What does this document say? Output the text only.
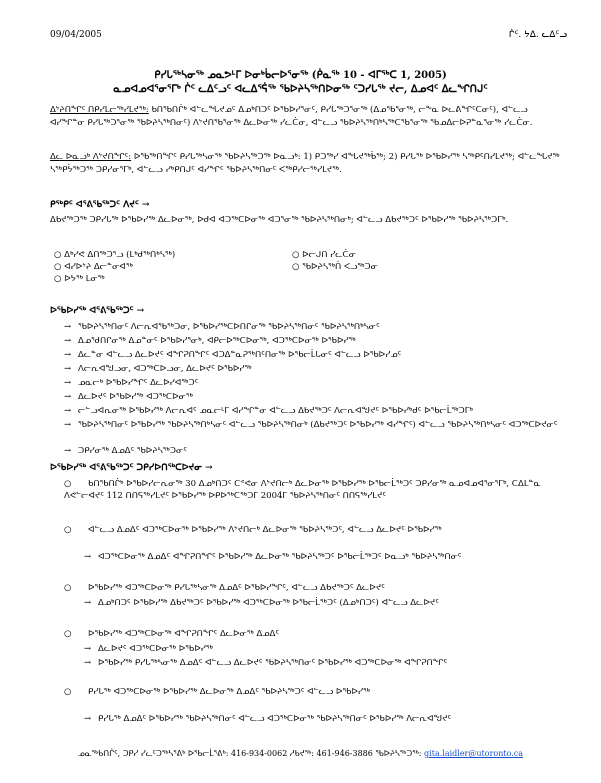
09/04/2005	ᒌᑦ. ᔭᐃ. ᓚᐃᑦᓗ
ᑭᓯᒐᖅᓴᓂᖅ ᓄᓇᕗᒻᒥ ᐅᓂᒃᑳᓕᐅᕐᓂᖅ (ᑮᓇᖅ 10 - ᐊᒥᖅᑕ 1, 2005)
ᓇᓄᐊᓄᐊᕐᓂᕐᒥᒃ ᒌᑦ ᓚᐃᑦᓗᑦ ᐊᓚᐃᕐᕌᖅ ᖃᐅᔨᓴᖅᑎᐅᓂᖅ ᑦᑐᓯᒐᖅ ᔪᓕ, ᐃᓄᐊᑦ ᐃᓚᖏᑎᒍᑦ
ᐃᔾᔨᑎᖏᑦ ᑎᑭᓯᒪᓕᖅᓯᒪᔪᖅ: ᑲᑎᖃᑎᒌᒃ ᐊᓪᓚᖓᔪᓄᑦ ᐃᓄᒃᑎᑐᑦ ᐅᖃᐅᓯᕐᓂᑦ, ᑭᓯᒐᖅᑐᕐᓂᖅ (ᐃᓄᖃᕐᓂᖅ, ᓕᖕᓇ ᐅᓚᕕᖏᑦᑕᓂᑦ), ᐊᓪᓚᓗ ᐊᓯᖏᓐᓂ ᑭᓯᒐᖅᑐᕐᓂᖅ ᖃᐅᔨᓴᖅᑎᓂᑦ) ᐱᔾᔪᑎᖃᕐᓂᖅ ᐃᓚᐅᓂᖅ ᓯᓚᑖᓂ, ᐊᓪᓚᓗ ᖃᐅᔨᓴᖅᑎᒃᓴᖅᑕᖃᕐᓂᖅ ᖃᓄᐃᓕᐅᕈᓐᓇᕐᓂᖅ ᓯᓚᑖᓂ.
ᐃᓚ ᐅᓇᓗᒃ ᐱᔾᔪᑎᖏᑦ: ᐅᖃᖅᑎᖏᑦ ᑭᓯᒐᖅᓴᓂᖅ ᖃᐅᔨᓴᖅᑐᖅ ᐅᓇᓗᒃ: 1) ᑭᑐᖅᓯ ᐊᖓᔪᖅᑳᖅ; 2) ᑭᓯᒐᖅ ᐅᖃᐅᓯᖅ ᓴᖅᑭᑦᑎᓯᒪᔪᖅ; ᐊᓪᓚᖓᔪᖅ ᓴᖅᑭᔮᖅᑐᖅ ᑐᑭᓯᓂᕐᒥᒃ, ᐊᓪᓚᓗ ᓯᒃᑭᑎᒍᑦ ᐊᓯᖏᑦ ᖃᐅᔨᓴᖅᑎᓂᑦ ᐸᖅᑭᓯᓕᖅᓯᒪᔪᖅ.
ᑭᖅᑭᑦ ᐊᕐᕕᖃᖅᑐᑦ ᐱᔪᑦ →
ᐃᑲᔪᖅᑐᖅ ᑐᑭᓯᒐᖅ ᐅᖃᐅᓯᖅ ᐃᓚᐅᓂᖅ, ᐅᑯᐊ ᐊᑐᖅᑕᐅᓂᖅ ᐊᑐᕐᓂᖅ ᖃᐅᔨᓴᖅᑎᓂᒃ; ᐊᓪᓚᓗ ᐃᑲᔪᖅᑐᑦ ᐅᖃᐅᓯᖅ ᖃᐅᔨᓴᖅᑐᒥᒃ.
○ ᐃᒃᓯᕙ ᐃᑎᖅᑐᕐᓗ (ᒪᒃᑯᖅᑎᒃᓴᖅ)	○ ᐅᓕᒍᑎ ᓯᓚᑖᓂ
○ ᐊᓯᐅᔾᔨ ᐃᓕᓐᓂᐊᖅ	○ ᖃᐅᔨᓴᖅᑏ ᐸᓗᖅᑐᓂ
○ ᐅᔭᖅ ᒪᓂᖅ
ᐅᖃᐅᓯᖅ ᐊᕐᕕᖃᖅᑐᑦ →
→ ᖃᐅᔨᓴᖅᑎᓂᑦ ᐱᓕᕆᐊᖃᖅᑐᓂ, ᐅᖃᐅᓯᖅᑕᐅᑎᒋᓂᖅ ᖃᐅᔨᓴᖅᑎᓂᑦ ᖃᐅᔨᓴᖅᑎᒃᓴᓂᑦ
→ ᐃᓄᖁᑎᒋᓂᖅ ᐃᓄᓐᓂᑦ ᐅᖃᐅᓯᕐᓂᒃ, ᐊᑭᓕᐅᖅᑕᐅᓂᖅ, ᐊᑐᖅᑕᐅᓂᖅ ᐅᖃᐅᓯᖅ
→ ᐃᓚᓐᓂ ᐊᓪᓚᓗ ᐃᓚᐅᔪᑦ ᐊᖏᕈᑎᖏᑦ ᐊᑐᐃᓐᓇᕈᖅᑎᑦᑎᓂᖅ ᐅᖃᓕᒫᒐᓂᑦ ᐊᓪᓚᓗ ᐅᖃᐅᓯᓄᑦ
→ ᐱᓕᕆᐊᖑᓗᓂ, ᐊᑐᖅᑕᐅᓗᓂ, ᐃᓚᐅᔪᑦ ᐅᖃᐅᓯᖅ
→ ᓄᓇᓕᒃ ᐅᖃᐅᓯᖏᑦ ᐃᓚᐅᓯᐊᖅᑐᑦ
→ ᐃᓚᐅᔪᑦ ᐅᖃᐅᓯᖅ ᐊᑐᖅᑕᐅᓂᖅ
→ ᓕᓪᓗᐊᕆᓂᖅ ᐅᖃᐅᓯᖅ ᐱᓕᕆᐊᑦ ᓄᓇᓕᒻᒥ ᐊᓯᖏᓐᓂ ᐊᓪᓚᓗ ᐃᑲᔪᖅᑐᑦ ᐱᓕᕆᐊᖑᔪᑦ ᐅᖃᐅᓯᒃᑯᑦ ᐅᖃᓕᒫᖅᑐᒥᒃ
→ ᖃᐅᔨᓴᖅᑎᓂᑦ ᐅᖃᐅᓯᖅ ᖃᐅᔨᓴᖅᑎᒃᓴᓂᑦ ᐊᓪᓚᓗ ᖃᐅᔨᓴᖅᑎᓂᒃ (ᐃᑲᔪᖅᑐᑦ ᐅᖃᐅᓯᖅ ᐊᓯᖏᑦ) ᐊᓪᓚᓗ ᖃᐅᔨᓴᖅᑎᒃᓴᓂᑦ ᐊᑐᖅᑕᐅᔪᓂᑦ
→ ᑐᑭᓯᓂᖅ ᐃᓄᐃᑦ ᖃᐅᔨᓴᖅᑐᓂᑦ
ᐅᖃᐅᓯᖅ ᐊᕐᕕᖃᖅᑐᑦ ᑐᑭᓯᐅᑎᖅᑕᐅᔪᓂ →
○ ᑲᑎᖃᑎᒌᒃ ᐅᖃᐅᓯᓕᕆᓂᖅ 30 ᐃᓄᒃᑎᑐᑦ ᑕᕝᕙᓂ ᐱᔾᔪᑎᓕᒃ ᐃᓚᐅᓂᖅ ᐅᖃᐅᓯᖅ ᐅᖃᓕᒫᖅᑐᑦ ᑐᑭᓯᓂᖅ ᓇᓄᐊᓄᐊᕐᓂᕐᒥᒃ, ᑕᐃᒪᓐᓇ ᐱᕙᓪᓕᐊᔪᑦ 112 ᑎᑎᕋᖅᓯᒪᔪᑦ ᐅᖃᐅᓯᖅ ᐅᑭᐅᖅᑕᖅᑐᒥ 2004ᒥ ᖃᐅᔨᓴᖅᑎᓂᑦ ᑎᑎᕋᖅᓯᒪᔪᑦ
○ ᐊᓪᓚᓗ ᐃᓄᐃᑦ ᐊᑐᖅᑕᐅᓂᖅ ᐅᖃᐅᓯᖅ ᐱᔾᔪᑎᓕᒃ ᐃᓚᐅᓂᖅ ᖃᐅᔨᓴᖅᑐᑦ, ᐊᓪᓚᓗ ᐃᓚᐅᔪᑦ ᐅᖃᐅᓯᖅ
→ ᐊᑐᖅᑕᐅᓂᖅ ᐃᓄᐃᑦ ᐊᖏᕈᑎᖏᑦ ᐅᖃᐅᓯᖅ ᐃᓚᐅᓂᖅ ᖃᐅᔨᓴᖅᑐᑦ ᐅᖃᓕᒫᖅᑐᑦ ᐅᓇᓗᒃ ᖃᐅᔨᓴᖅᑎᓂᑦ
○ ᐅᖃᐅᓯᖅ ᐊᑐᖅᑕᐅᓂᖅ ᑭᓯᒐᖅᓴᓂᖅ ᐃᓄᐃᑦ ᐅᖃᐅᓯᖏᑦ, ᐊᓪᓚᓗ ᐃᑲᔪᖅᑐᑦ ᐃᓚᐅᔪᑦ
→ ᐃᓄᒃᑎᑐᑦ ᐅᖃᐅᓯᖅ ᐃᑲᔪᖅᑐᑦ ᐅᖃᐅᓯᖅ ᐊᑐᖅᑕᐅᓂᖅ ᐅᖃᓕᒫᖅᑐᑦ (ᐃᓄᒃᑎᑐᑦ) ᐊᓪᓚᓗ ᐃᓚᐅᔪᑦ
○ ᐅᖃᐅᓯᖅ ᐊᑐᖅᑕᐅᓂᖅ ᐊᖏᕈᑎᖏᑦ ᐃᓚᐅᓂᖅ ᐃᓄᐃᑦ
→ ᐃᓚᐅᔪᑦ ᐊᑐᖅᑕᐅᓂᖅ ᐅᖃᐅᓯᖅ
→ ᐅᖃᐅᓯᖅ ᑭᓯᒐᖅᓴᓂᖅ ᐃᓄᐃᑦ ᐊᓪᓚᓗ ᐃᓚᐅᔪᑦ ᖃᐅᔨᓴᖅᑎᓂᑦ ᐅᖃᐅᓯᖅ ᐊᑐᖅᑕᐅᓂᖅ ᐊᖏᕈᑎᖏᑦ
○ ᑭᓯᒐᖅ ᐊᑐᖅᑕᐅᓂᖅ ᐅᖃᐅᓯᖅ ᐃᓚᐅᓂᖅ ᐃᓄᐃᑦ ᖃᐅᔨᓴᖅᑐᑦ ᐊᓪᓚᓗ ᐅᖃᐅᓯᖅ
→ ᑭᓯᒐᖅ ᐃᓄᐃᑦ ᐅᖃᐅᓯᖅ ᖃᐅᔨᓴᖅᑎᓂᑦ ᐊᓪᓚᓗ ᐊᑐᖅᑕᐅᓂᖅ ᖃᐅᔨᓴᖅᑎᓂᑦ ᐅᖃᐅᓯᖅ ᐱᓕᕆᐊᖑᔪᑦ
ᓄᓇᖅᑲᑎᒌᑦ, ᑐᑭᓯ ᓯᓚᑦᑐᖅᓴᕐᕕᒃ ᐅᖃᓕᒫᕐᕕᒃ: 416-934-0062 ᓱᑲᔪᖅ: 461-946-3886 ᖃᐅᔨᓴᖅᑐᖅ: gita.laidler@utoronto.ca
